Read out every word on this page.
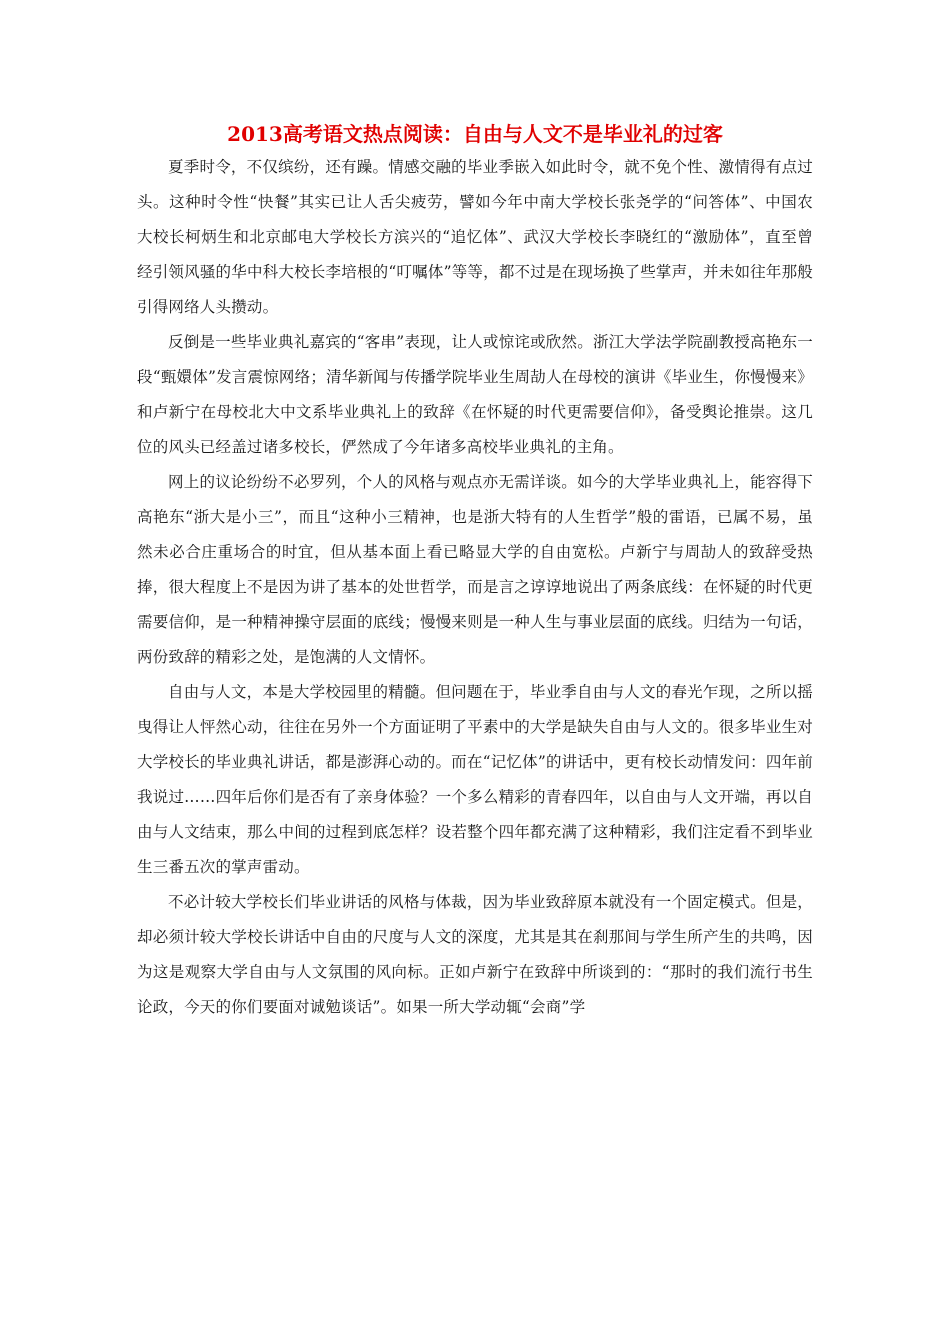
2013高考语文热点阅读：自由与人文不是毕业礼的过客

夏季时令，不仅缤纷，还有躁。情感交融的毕业季嵌入如此时令，就不免个性、激情得有点过头。这种时令性“快餐”其实已让人舌尖疲劳，譬如今年中南大学校长张尧学的“问答体”、中国农大校长柯炳生和北京邮电大学校长方滨兴的“追忆体”、武汉大学校长李晓红的“激励体”，直至曾经引领风骚的华中科大校长李培根的“叮嘱体”等等，都不过是在现场换了些掌声，并未如往年那般引得网络人头攒动。

反倒是一些毕业典礼嘉宾的“客串”表现，让人或惊诧或欣然。浙江大学法学院副教授高艳东一段“甄嬛体”发言震惊网络；清华新闻与传播学院毕业生周劼人在母校的演讲《毕业生，你慢慢来》和卢新宁在母校北大中文系毕业典礼上的致辞《在怀疑的时代更需要信仰》，备受舆论推崇。这几位的风头已经盖过诸多校长，俨然成了今年诸多高校毕业典礼的主角。

网上的议论纷纷不必罗列，个人的风格与观点亦无需详谈。如今的大学毕业典礼上，能容得下高艳东“浙大是小三”，而且“这种小三精神，也是浙大特有的人生哲学”般的雷语，已属不易，虽然未必合庄重场合的时宜，但从基本面上看已略显大学的自由宽松。卢新宁与周劼人的致辞受热捧，很大程度上不是因为讲了基本的处世哲学，而是言之谆谆地说出了两条底线：在怀疑的时代更需要信仰，是一种精神操守层面的底线；慢慢来则是一种人生与事业层面的底线。归结为一句话，两份致辞的精彩之处，是饱满的人文情怀。

自由与人文，本是大学校园里的精髓。但问题在于，毕业季自由与人文的春光乍现，之所以摇曳得让人怦然心动，往往在另外一个方面证明了平素中的大学是缺失自由与人文的。很多毕业生对大学校长的毕业典礼讲话，都是澎湃心动的。而在“记忆体”的讲话中，更有校长动情发问：四年前我说过……四年后你们是否有了亲身体验？一个多么精彩的青春四年，以自由与人文开端，再以自由与人文结束，那么中间的过程到底怎样？设若整个四年都充满了这种精彩，我们注定看不到毕业生三番五次的掌声雷动。

不必计较大学校长们毕业讲话的风格与体裁，因为毕业致辞原本就没有一个固定模式。但是，却必须计较大学校长讲话中自由的尺度与人文的深度，尤其是其在刹那间与学生所产生的共鸣，因为这是观察大学自由与人文氛围的风向标。正如卢新宁在致辞中所谈到的：“那时的我们流行书生论政，今天的你们要面对诚勉谈话”。如果一所大学动辄“会商”学
